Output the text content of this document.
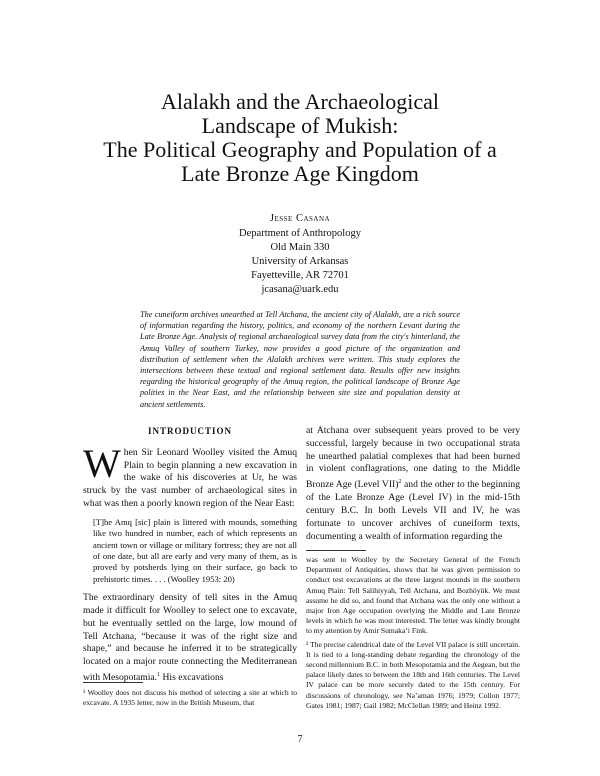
Alalakh and the Archaeological
Landscape of Mukish:
The Political Geography and Population of a
Late Bronze Age Kingdom
Jesse Casana
Department of Anthropology
Old Main 330
University of Arkansas
Fayetteville, AR 72701
jcasana@uark.edu

The cuneiform archives unearthed at Tell Atchana, the ancient city of Alalakh, are a rich source of information regarding the history, politics, and economy of the northern Levant during the Late Bronze Age. Analysis of regional archaeological survey data from the city's hinterland, the Amuq Valley of southern Turkey, now provides a good picture of the organization and distribution of settlement when the Alalakh archives were written. This study explores the intersections between these textual and regional settlement data. Results offer new insights regarding the historical geography of the Amuq region, the political landscape of Bronze Age polities in the Near East, and the relationship between site size and population density at ancient settlements.

INTRODUCTION

When Sir Leonard Woolley visited the Amuq Plain to begin planning a new excavation in the wake of his discoveries at Ur, he was struck by the vast number of archaeological sites in what was then a poorly known region of the Near East:

[T]he Amq [sic] plain is littered with mounds, something like two hundred in number, each of which represents an ancient town or village or military fortress; they are not all of one date, but all are early and very many of them, as is proved by potsherds lying on their surface, go back to prehistoric times. . . . (Woolley 1953: 20)

The extraordinary density of tell sites in the Amuq made it difficult for Woolley to select one to excavate, but he eventually settled on the large, low mound of Tell Atchana, “because it was of the right size and shape,” and because he inferred it to be strategically located on a major route connecting the Mediterranean with Mesopotamia.$^1$ His excavations

at Atchana over subsequent years proved to be very successful, largely because in two occupational strata he unearthed palatial complexes that had been burned in violent conflagrations, one dating to the Middle Bronze Age (Level VII)$^2$ and the other to the beginning of the Late Bronze Age (Level IV) in the mid-15th century B.C. In both Levels VII and IV, he was fortunate to uncover archives of cuneiform texts, documenting a wealth of information regarding the

was sent to Woolley by the Secretary General of the French Department of Antiquities, shows that he was given permission to conduct test excavations at the three largest mounds in the southern Amuq Plain: Tell Salihiyyah, Tell Atchana, and Bozhöyük. We must assume he did so, and found that Atchana was the only one without a major Iron Age occupation overlying the Middle and Late Bronze levels in which he was most interested. The letter was kindly brought to my attention by Amir Sumaka’i Fink.

² The precise calendrical date of the Level VII palace is still uncertain. It is tied to a long-standing debate regarding the chronology of the second millennium B.C. in both Mesopotamia and the Aegean, but the palace likely dates to between the 18th and 16th centuries. The Level IV palace can be more securely dated to the 15th century. For discussions of chronology, see Na’aman 1976; 1979; Collon 1977; Gates 1981; 1987; Gail 1982; McClellan 1989; and Heinz 1992.

¹ Woolley does not discuss his method of selecting a site at which to excavate. A 1935 letter, now in the British Museum, that

7
